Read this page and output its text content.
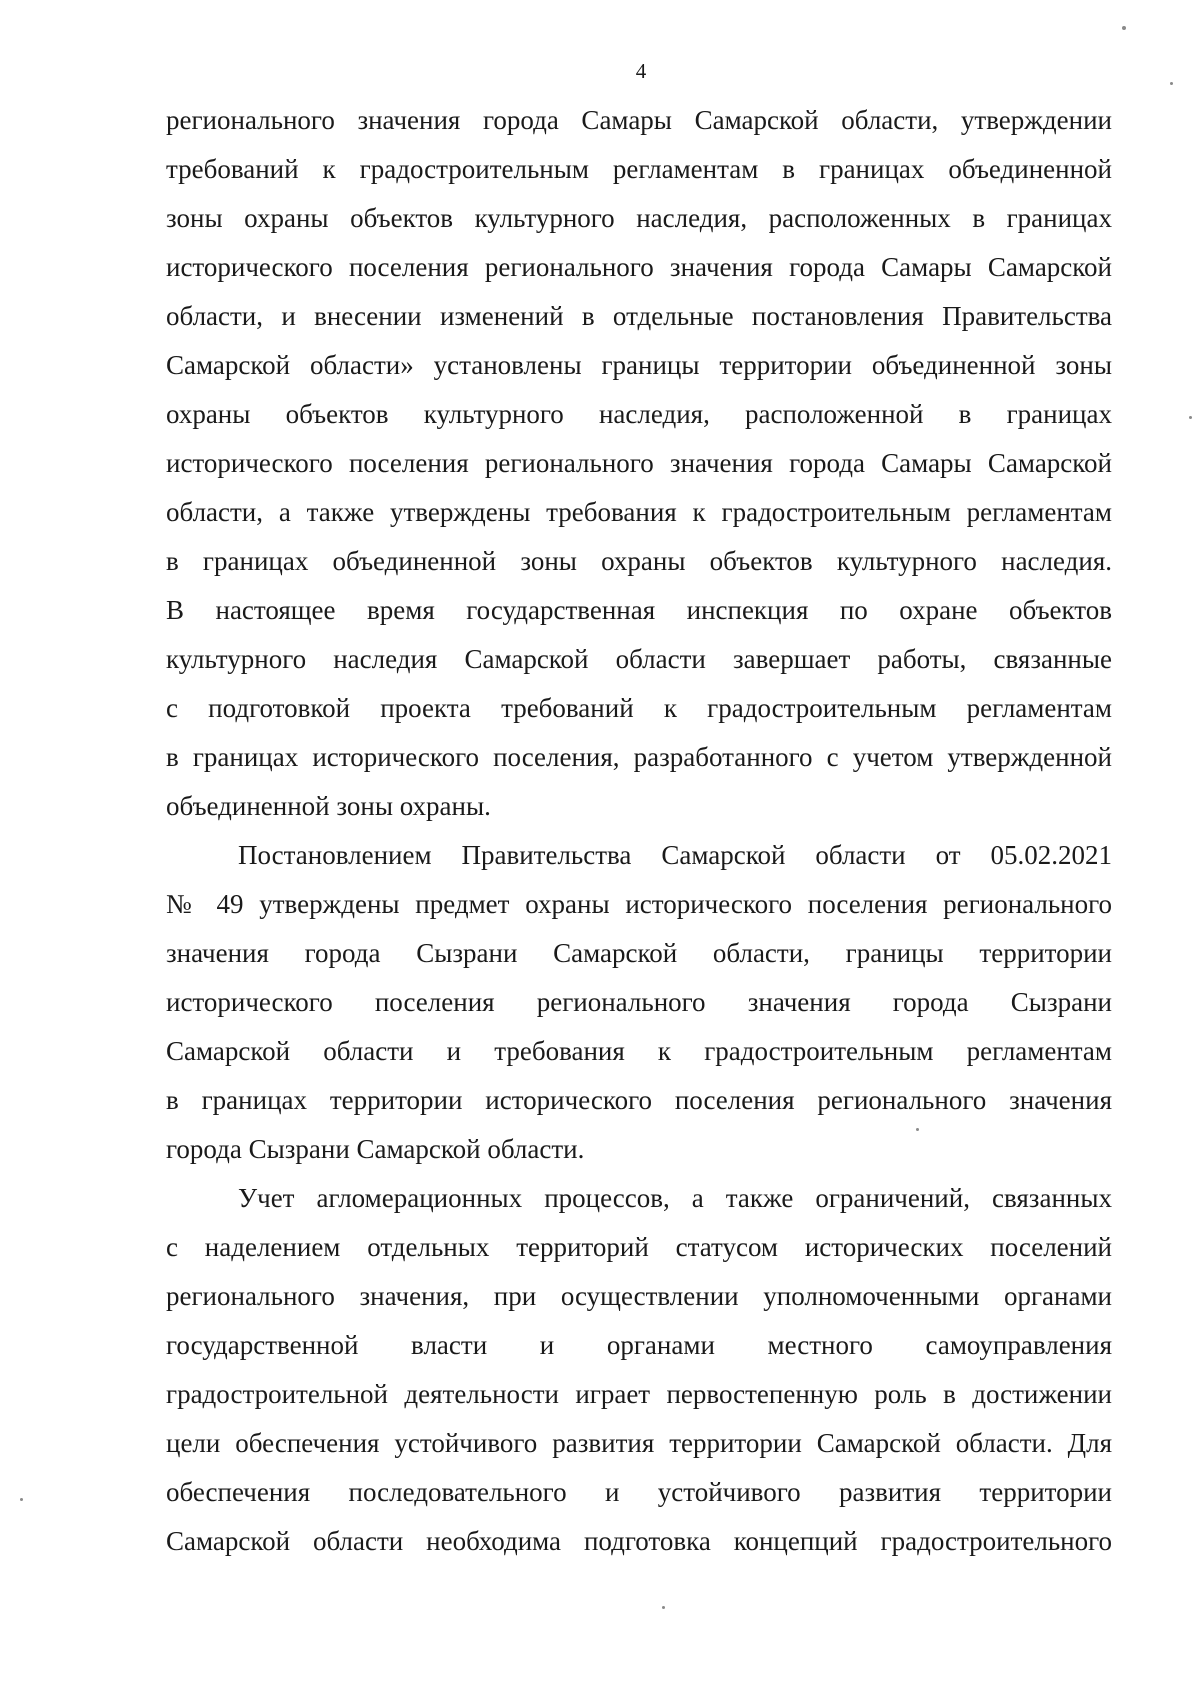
4
регионального значения города Самары Самарской области, утверждении
требований к градостроительным регламентам в границах объединенной
зоны охраны объектов культурного наследия, расположенных в границах
исторического поселения регионального значения города Самары Самарской
области, и внесении изменений в отдельные постановления Правительства
Самарской области» установлены границы территории объединенной зоны
охраны объектов культурного наследия, расположенной в границах
исторического поселения регионального значения города Самары Самарской
области, а также утверждены требования к градостроительным регламентам
в границах объединенной зоны охраны объектов культурного наследия.
В настоящее время государственная инспекция по охране объектов
культурного наследия Самарской области завершает работы, связанные
с подготовкой проекта требований к градостроительным регламентам
в границах исторического поселения, разработанного с учетом утвержденной
объединенной зоны охраны.
Постановлением Правительства Самарской области от 05.02.2021
№ 49 утверждены предмет охраны исторического поселения регионального
значения города Сызрани Самарской области, границы территории
исторического поселения регионального значения города Сызрани
Самарской области и требования к градостроительным регламентам
в границах территории исторического поселения регионального значения
города Сызрани Самарской области.
Учет агломерационных процессов, а также ограничений, связанных
с наделением отдельных территорий статусом исторических поселений
регионального значения, при осуществлении уполномоченными органами
государственной власти и органами местного самоуправления
градостроительной деятельности играет первостепенную роль в достижении
цели обеспечения устойчивого развития территории Самарской области. Для
обеспечения последовательного и устойчивого развития территории
Самарской области необходима подготовка концепций градостроительного
